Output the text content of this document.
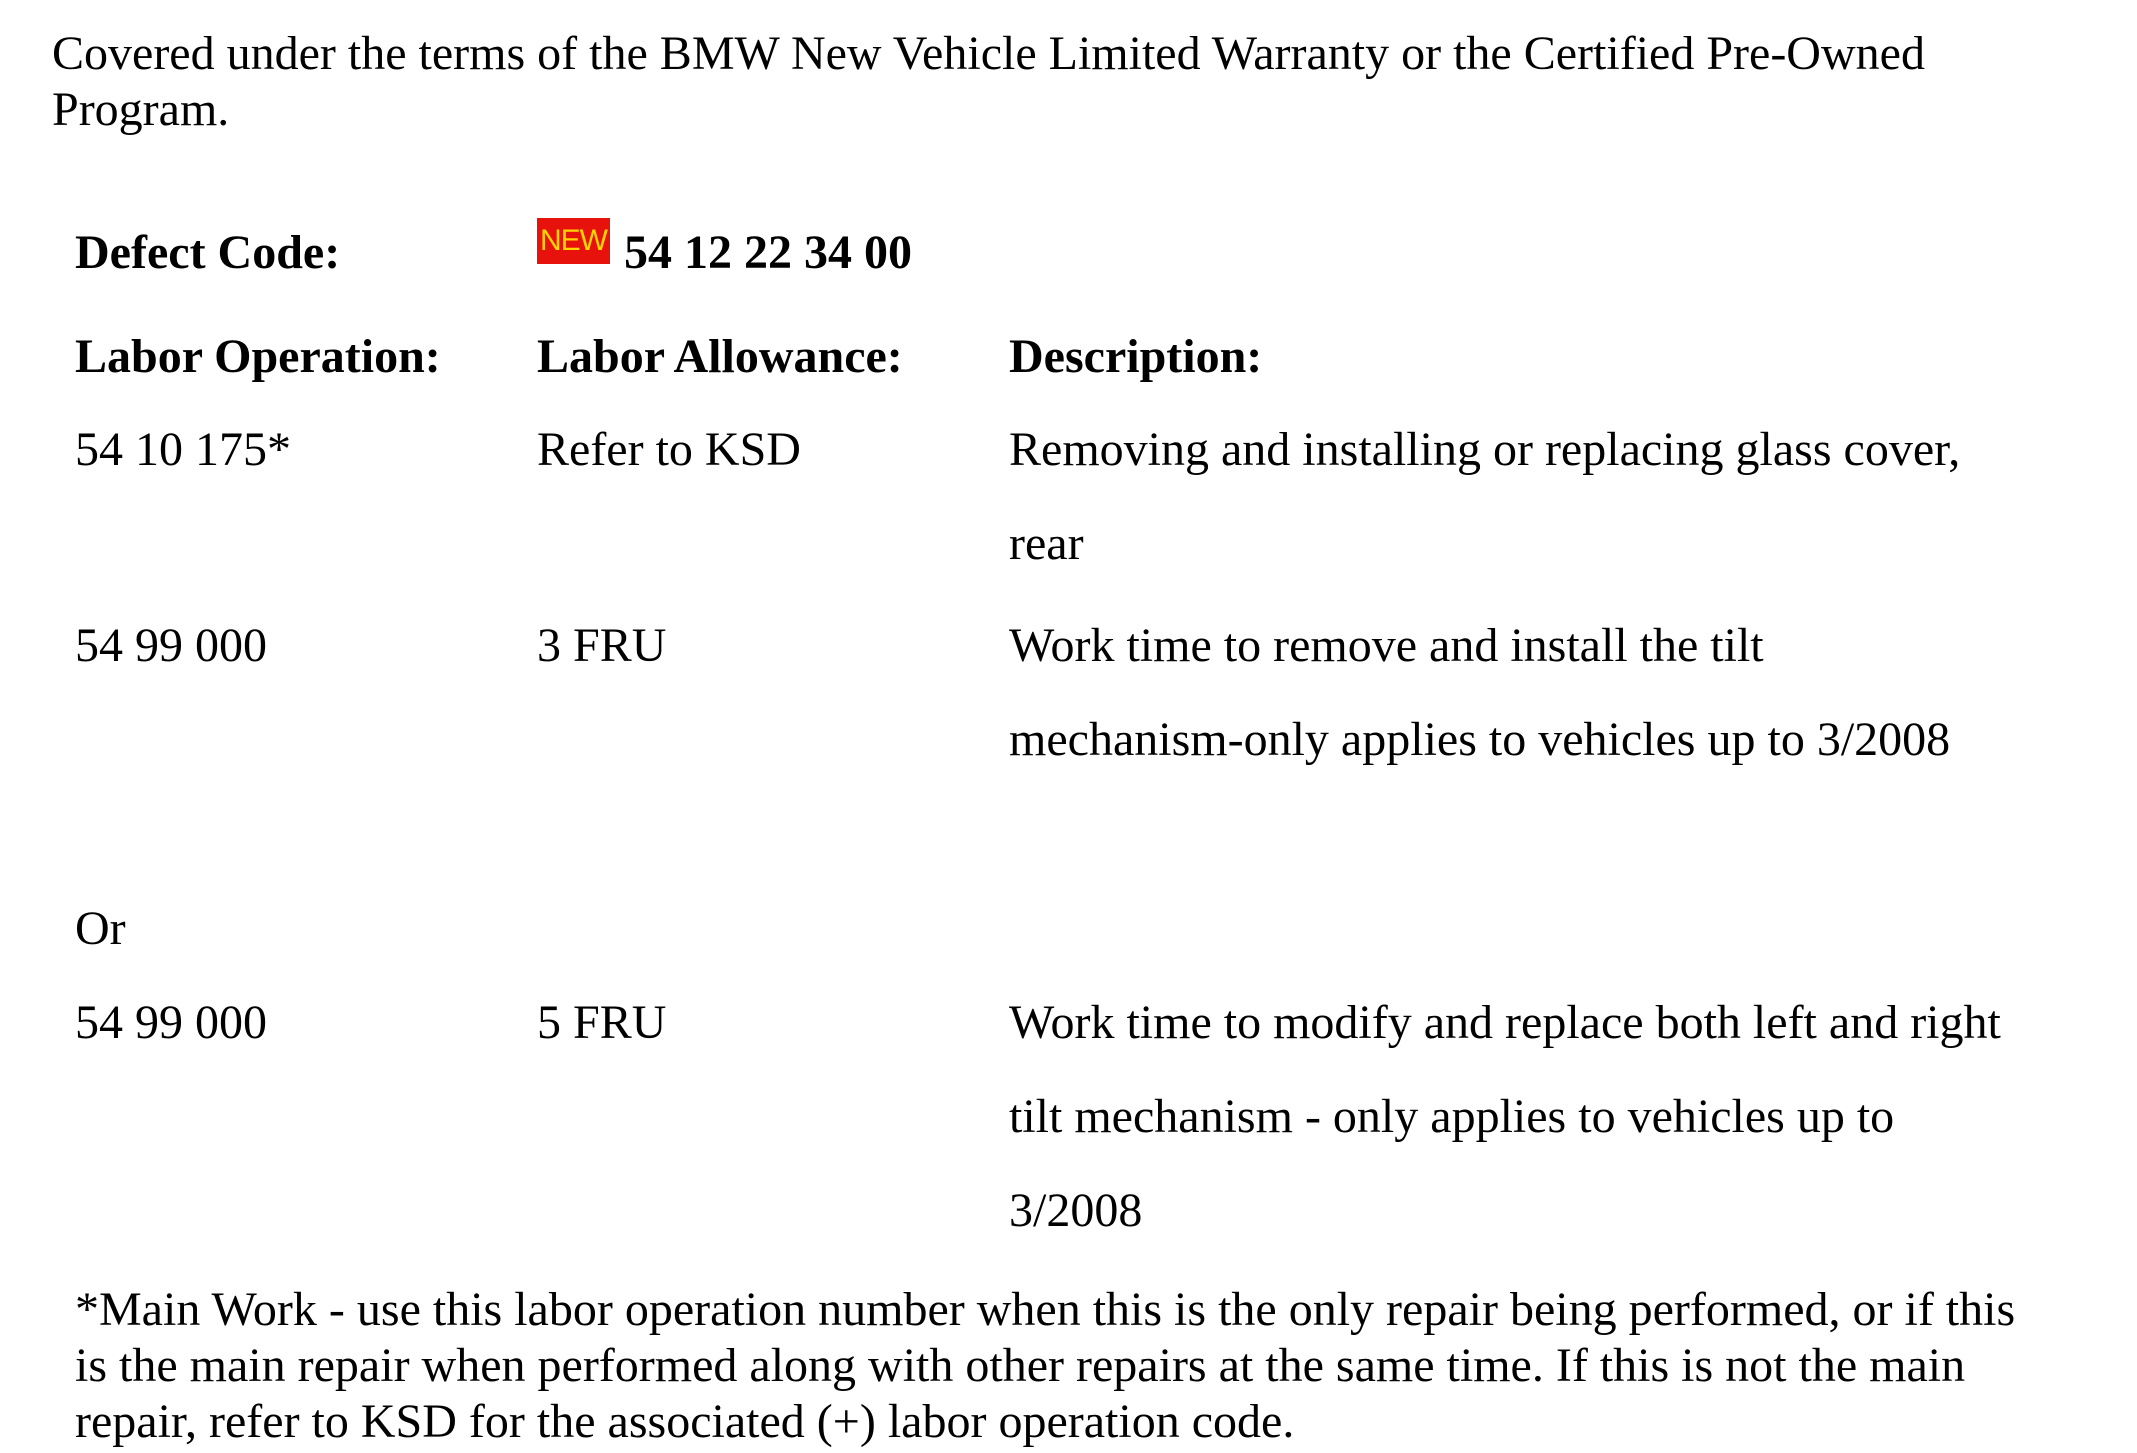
Covered under the terms of the BMW New Vehicle Limited Warranty or the Certified Pre-Owned Program.

Defect Code:	NEW 54 12 22 34 00
Labor Operation: Labor Allowance: Description:
54 10 175*	Refer to KSD	Removing and installing or replacing glass cover, rear
54 99 000	3 FRU	Work time to remove and install the tilt mechanism-only applies to vehicles up to 3/2008
Or
54 99 000	5 FRU	Work time to modify and replace both left and right tilt mechanism - only applies to vehicles up to 3/2008

*Main Work - use this labor operation number when this is the only repair being performed, or if this is the main repair when performed along with other repairs at the same time. If this is not the main repair, refer to KSD for the associated (+) labor operation code.
